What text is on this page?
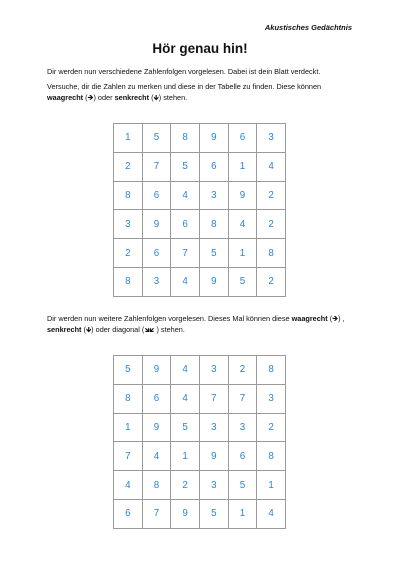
Akustisches Gedächtnis
Hör genau hin!
Dir werden nun verschiedene Zahlenfolgen vorgelesen. Dabei ist dein Blatt verdeckt.
Versuche, dir die Zahlen zu merken und diese in der Tabelle zu finden. Diese können waagrecht (🡺) oder senkrecht (🡻) stehen.
1	5	8	9	6	3
2	7	5	6	1	4
8	6	4	3	9	2
3	9	6	8	4	2
2	6	7	5	1	8
8	3	4	9	5	2
Dir werden nun weitere Zahlenfolgen vorgelesen. Dieses Mal können diese waagrecht (🡺) , senkrecht (🡻) oder diagonal (🡾🡿 ) stehen.
5	9	4	3	2	8
8	6	4	7	7	3
1	9	5	3	3	2
7	4	1	9	6	8
4	8	2	3	5	1
6	7	9	5	1	4
